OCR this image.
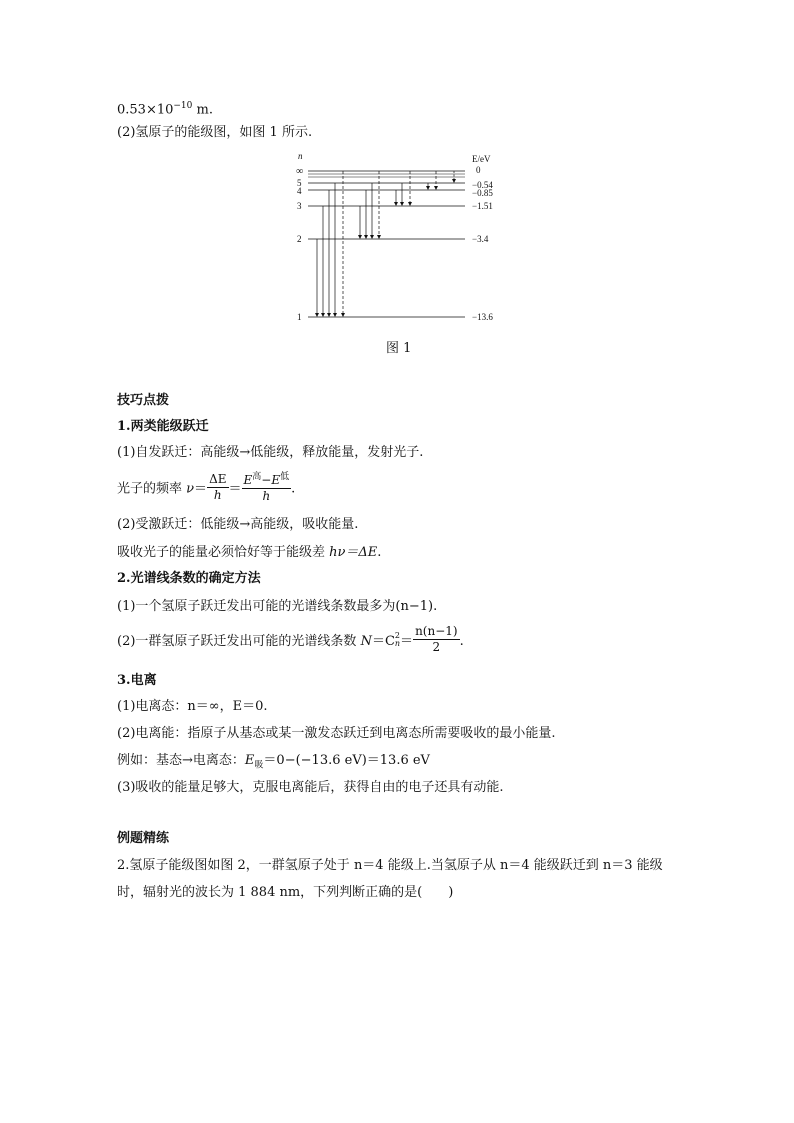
$0.53\times 10^{-10}$ m.
(2)氢原子的能级图，如图 1 所示.
n	E/eV
∞
5
4
3
2
1
0
−0.54
−0.85
−1.51
−3.4
−13.6
图 1
技巧点拨
1.两类能级跃迁
(1)自发跃迁：高能级→低能级，释放能量，发射光子.
光子的频率 $\nu= \frac{\Delta E}{h} = \frac{E^高-E^低}{h}$ .
(2)受激跃迁：低能级→高能级，吸收能量.
吸收光子的能量必须恰好等于能级差 hν＝ΔE.
2.光谱线条数的确定方法
(1)一个氢原子跃迁发出可能的光谱线条数最多为(n−1).
(2)一群氢原子跃迁发出可能的光谱线条数 N＝C 2
$n = \frac{n(n-1)}{2}$ .
3.电离
(1)电离态：n＝∞，E＝0.
(2)电离能：指原子从基态或某一激发态跃迁到电离态所需要吸收的最小能量.
例如：基态→电离态：$E_吸=0-(-13.6$ eV)＝13.6 eV
(3)吸收的能量足够大，克服电离能后，获得自由的电子还具有动能.
例题精练
2.氢原子能级图如图 2，一群氢原子处于 n＝4 能级上.当氢原子从 n＝4 能级跃迁到 n＝3 能级
时，辐射光的波长为 1 884 nm，下列判断正确的是(　　)
